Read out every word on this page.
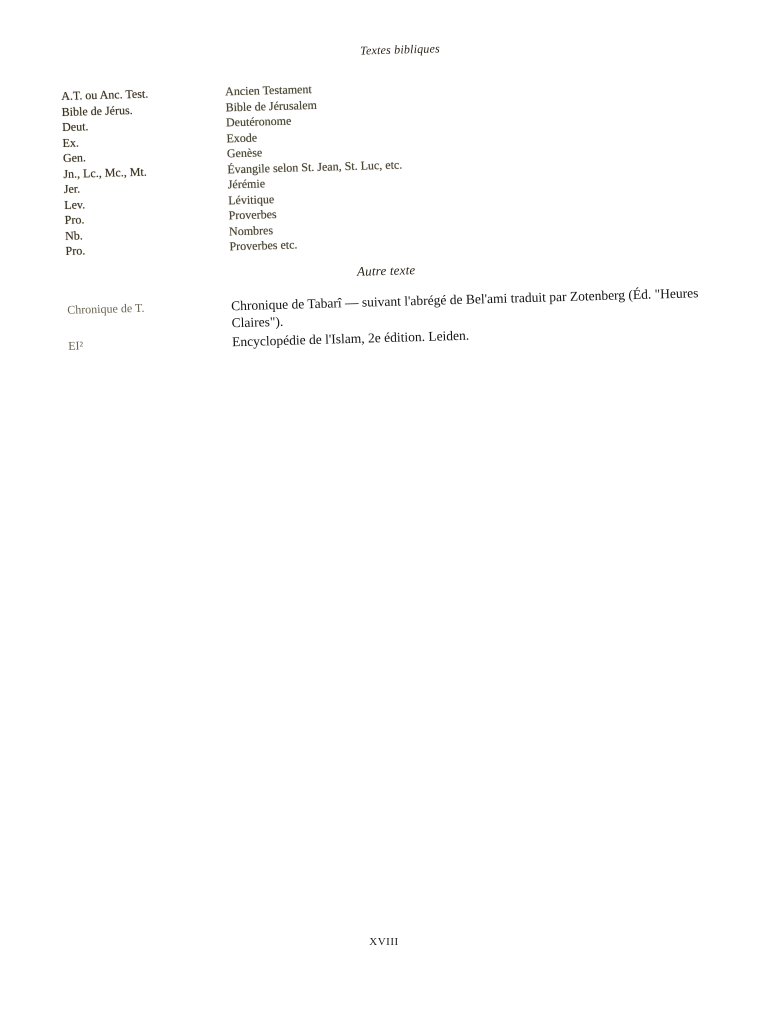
Textes bibliques

A.T. ou Anc. Test.	Ancien Testament
Bible de Jérus.	Bible de Jérusalem
Deut.	Deutéronome
Ex.	Exode
Gen.	Genèse
Jn., Lc., Mc., Mt.	Évangile selon St. Jean, St. Luc, etc.
Jer.	Jérémie
Lev.	Lévitique
Pro.	Proverbes
Nb.	Nombres
Pro.	Proverbes etc.

Autre texte

Chronique de T.	Chronique de Tabarî — suivant l'abrégé de Bel'ami traduit par Zotenberg (Éd. "Heures Claires").
EI²	Encyclopédie de l'Islam, 2e édition. Leiden.
XVIII
